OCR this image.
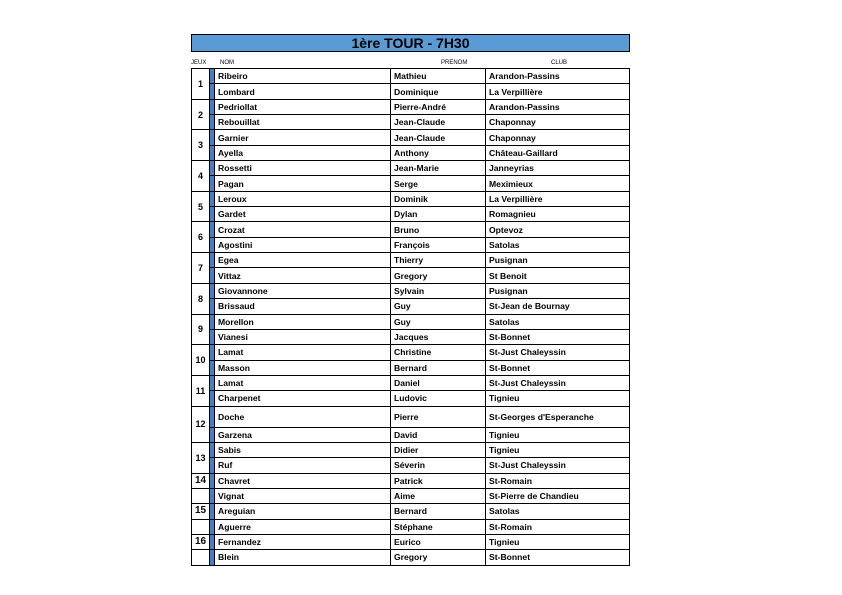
1ère TOUR - 7H30
JEUX NOM	PRENOM	CLUB
1		Ribeiro	Mathieu	Arandon-Passins
		Lombard	Dominique	La Verpillière
2		Pedriollat	Pierre-André	Arandon-Passins
		Rebouillat	Jean-Claude	Chaponnay
3		Garnier	Jean-Claude	Chaponnay
		Ayella	Anthony	Château-Gaillard
4		Rossetti	Jean-Marie	Janneyrias
		Pagan	Serge	Meximieux
5		Leroux	Dominik	La Verpillière
		Gardet	Dylan	Romagnieu
6		Crozat	Bruno	Optevoz
		Agostini	François	Satolas
7		Egea	Thierry	Pusignan
		Vittaz	Gregory	St Benoit
8		Giovannone	Sylvain	Pusignan
		Brissaud	Guy	St-Jean de Bournay
9		Morellon	Guy	Satolas
		Vianesi	Jacques	St-Bonnet
10		Lamat	Christine	St-Just Chaleyssin
		Masson	Bernard	St-Bonnet
11		Lamat	Daniel	St-Just Chaleyssin
		Charpenet	Ludovic	Tignieu
12		Doche	Pierre	St-Georges d'Esperanche
		Garzena	David	Tignieu
13		Sabis	Didier	Tignieu
		Ruf	Séverin	St-Just Chaleyssin
14		Chavret	Patrick	St-Romain
		Vignat	Aime	St-Pierre de Chandieu
15		Areguian	Bernard	Satolas
		Aguerre	Stéphane	St-Romain
16		Fernandez	Eurico	Tignieu
		Blein	Gregory	St-Bonnet
